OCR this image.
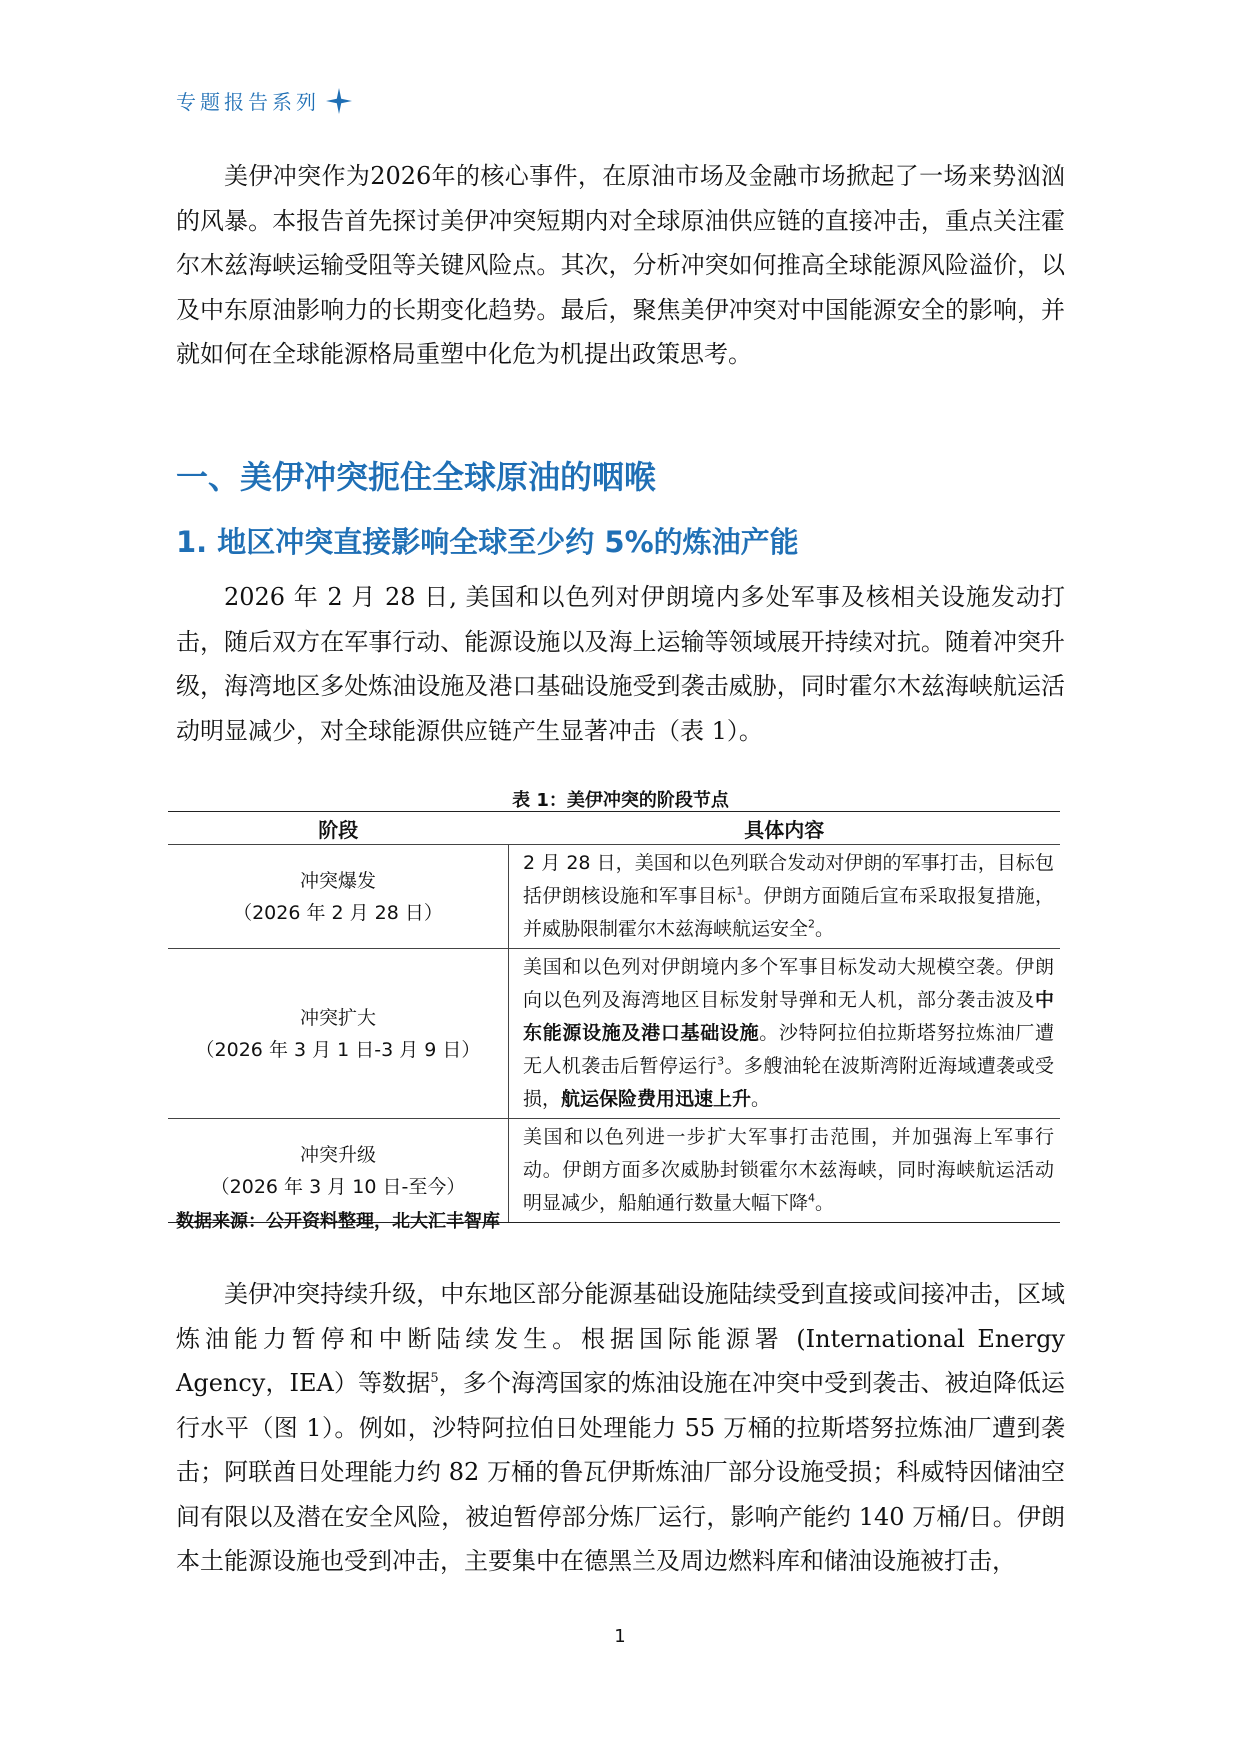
专题报告系列

美伊冲突作为2026年的核心事件，在原油市场及金融市场掀起了一场来势汹汹的风暴。本报告首先探讨美伊冲突短期内对全球原油供应链的直接冲击，重点关注霍尔木兹海峡运输受阻等关键风险点。其次，分析冲突如何推高全球能源风险溢价，以及中东原油影响力的长期变化趋势。最后，聚焦美伊冲突对中国能源安全的影响，并就如何在全球能源格局重塑中化危为机提出政策思考。

一、美伊冲突扼住全球原油的咽喉
1. 地区冲突直接影响全球至少约 5%的炼油产能

2026 年 2 月 28 日, 美国和以色列对伊朗境内多处军事及核相关设施发动打击，随后双方在军事行动、能源设施以及海上运输等领域展开持续对抗。随着冲突升级，海湾地区多处炼油设施及港口基础设施受到袭击威胁，同时霍尔木兹海峡航运活动明显减少，对全球能源供应链产生显著冲击（表 1）。

表 1：美伊冲突的阶段节点
阶段	具体内容

冲突爆发
（2026 年 2 月 28 日）	2 月 28 日，美国和以色列联合发动对伊朗的军事打击，目标包括伊朗核设施和军事目标$^1$。伊朗方面随后宣布采取报复措施，并威胁限制霍尔木兹海峡航运安全$^2$。

冲突扩大
（2026 年 3 月 1 日-3 月 9 日）	美国和以色列对伊朗境内多个军事目标发动大规模空袭。伊朗向以色列及海湾地区目标发射导弹和无人机，部分袭击波及中东能源设施及港口基础设施。沙特阿拉伯拉斯塔努拉炼油厂遭无人机袭击后暂停运行$^3$。多艘油轮在波斯湾附近海域遭袭或受损，航运保险费用迅速上升。

冲突升级
（2026 年 3 月 10 日-至今）	美国和以色列进一步扩大军事打击范围，并加强海上军事行动。伊朗方面多次威胁封锁霍尔木兹海峡，同时海峡航运活动明显减少，船舶通行数量大幅下降$^4$。
数据来源：公开资料整理，北大汇丰智库

美伊冲突持续升级，中东地区部分能源基础设施陆续受到直接或间接冲击，区域炼油能力暂停和中断陆续发生。根据国际能源署 (International Energy Agency，IEA）等数据$^5$，多个海湾国家的炼油设施在冲突中受到袭击、被迫降低运行水平（图 1）。例如，沙特阿拉伯日处理能力 55 万桶的拉斯塔努拉炼油厂遭到袭击；阿联酋日处理能力约 82 万桶的鲁瓦伊斯炼油厂部分设施受损；科威特因储油空间有限以及潜在安全风险，被迫暂停部分炼厂运行，影响产能约 140 万桶/日。伊朗本土能源设施也受到冲击，主要集中在德黑兰及周边燃料库和储油设施被打击，

1
